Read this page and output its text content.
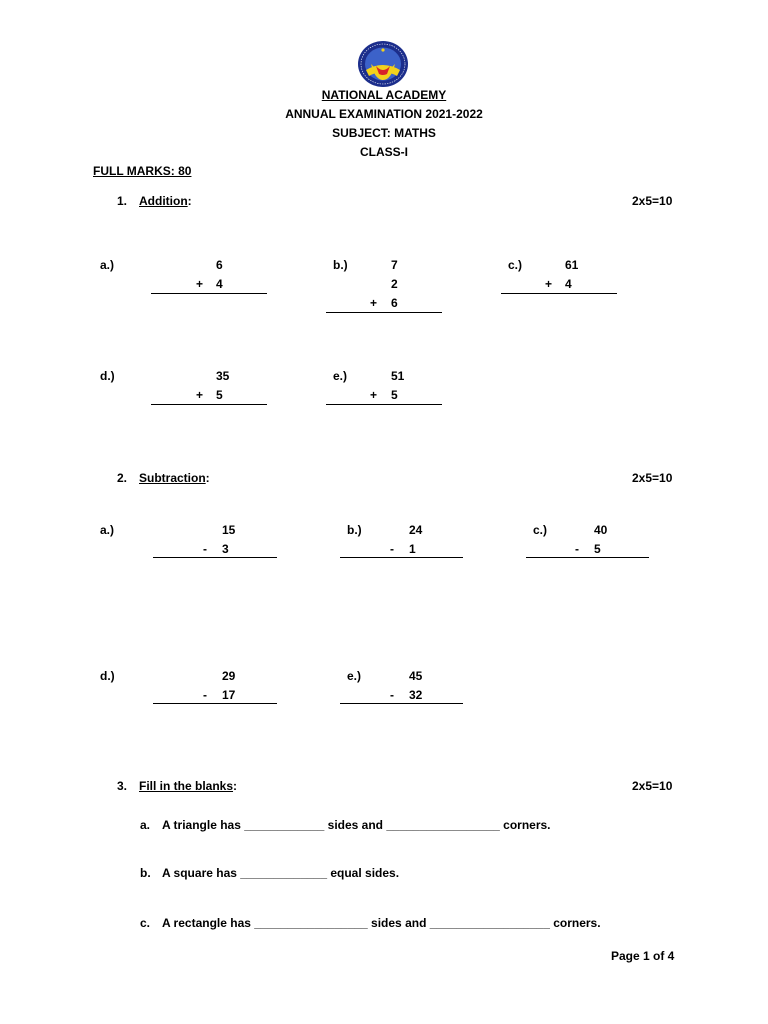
NATIONAL ACADEMY
ANNUAL EXAMINATION 2021-2022
SUBJECT: MATHS
CLASS-I
FULL MARKS: 80
1. Addition:	2x5=10
a.)	6
+ 4
b.)	7
2
+ 6
c.)	61
+ 4
d.)	35
+ 5
e.)	51
+ 5
2. Subtraction:	2x5=10
a.)	15
- 3
b.)	24
- 1
c.)	40
- 5
d.)	29
- 17
e.)	45
- 32
3. Fill in the blanks:	2x5=10
a. A triangle has ____________ sides and _________________ corners.
b. A square has _____________ equal sides.
c. A rectangle has _________________ sides and __________________ corners.
Page 1 of 4
